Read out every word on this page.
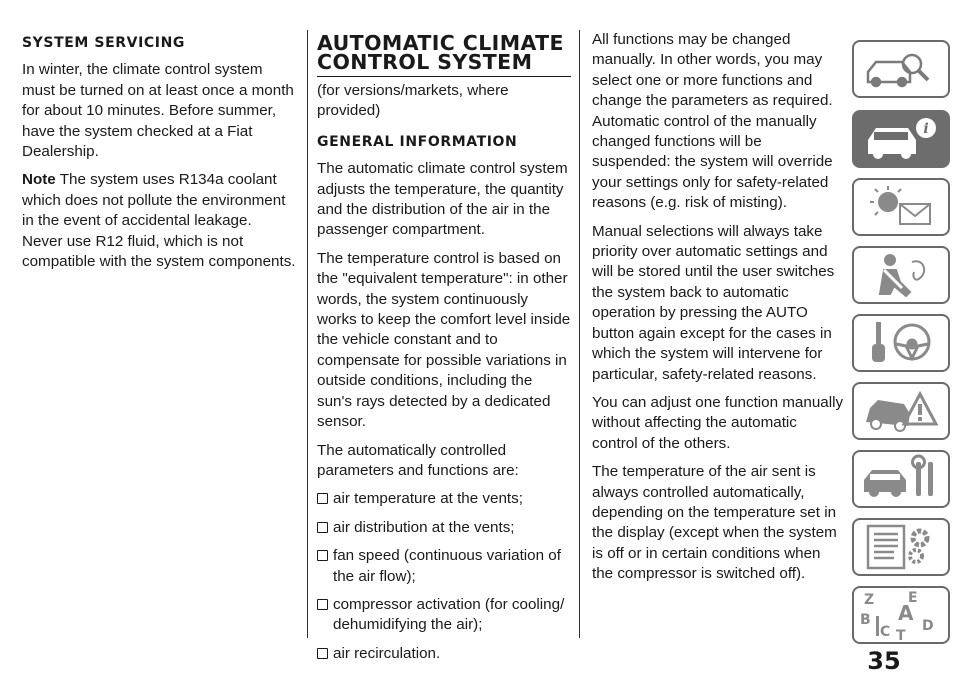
SYSTEM SERVICING

In winter, the climate control system must be turned on at least once a month for about 10 minutes. Before summer, have the system checked at a Fiat Dealership.

Note The system uses R134a coolant which does not pollute the environment in the event of accidental leakage. Never use R12 fluid, which is not compatible with the system components.

AUTOMATIC CLIMATE CONTROL SYSTEM

(for versions/markets, where provided)

GENERAL INFORMATION

The automatic climate control system adjusts the temperature, the quantity and the distribution of the air in the passenger compartment.

The temperature control is based on the "equivalent temperature": in other words, the system continuously works to keep the comfort level inside the vehicle constant and to compensate for possible variations in outside conditions, including the sun's rays detected by a dedicated sensor.

The automatically controlled parameters and functions are:

air temperature at the vents;
air distribution at the vents;
fan speed (continuous variation of the air flow);
compressor activation (for cooling/ dehumidifying the air);
air recirculation.

All functions may be changed manually. In other words, you may select one or more functions and change the parameters as required. Automatic control of the manually changed functions will be suspended: the system will override your settings only for safety-related reasons (e.g. risk of misting).

Manual selections will always take priority over automatic settings and will be stored until the user switches the system back to automatic operation by pressing the AUTO button again except for the cases in which the system will intervene for particular, safety-related reasons.

You can adjust one function manually without affecting the automatic control of the others.

The temperature of the air sent is always controlled automatically, depending on the temperature set in the display (except when the system is off or in certain conditions when the compressor is switched off).

i
Z E
B A
C D
T
35
